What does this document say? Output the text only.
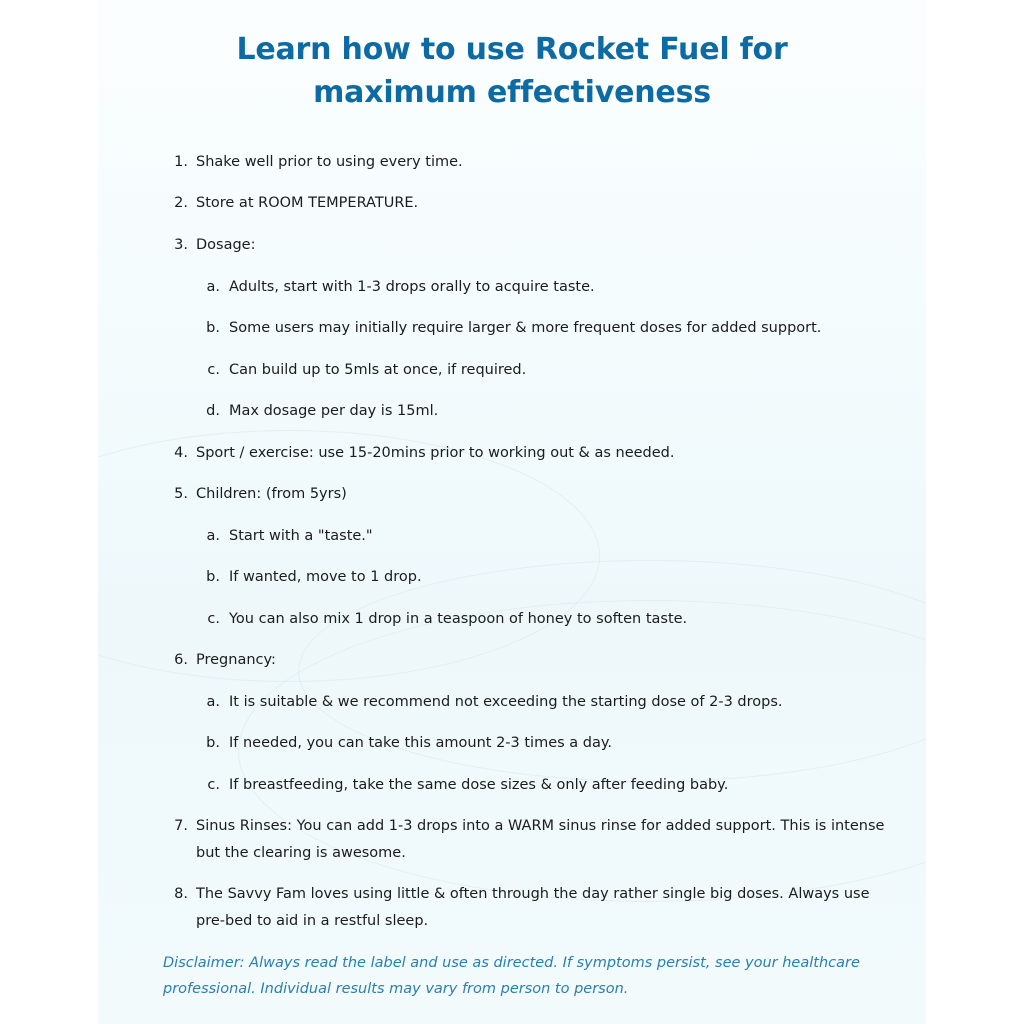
Learn how to use Rocket Fuel for
maximum effectiveness
1. Shake well prior to using every time.
2. Store at ROOM TEMPERATURE.
3. Dosage:
a. Adults, start with 1-3 drops orally to acquire taste.
b. Some users may initially require larger & more frequent doses for added support.
c. Can build up to 5mls at once, if required.
d. Max dosage per day is 15ml.
4. Sport / exercise: use 15-20mins prior to working out & as needed.
5. Children: (from 5yrs)
a. Start with a "taste."
b. If wanted, move to 1 drop.
c. You can also mix 1 drop in a teaspoon of honey to soften taste.
6. Pregnancy:
a. It is suitable & we recommend not exceeding the starting dose of 2-3 drops.
b. If needed, you can take this amount 2-3 times a day.
c. If breastfeeding, take the same dose sizes & only after feeding baby.
7. Sinus Rinses: You can add 1-3 drops into a WARM sinus rinse for added support. This is intense
but the clearing is awesome.
8. The Savvy Fam loves using little & often through the day rather single big doses. Always use
pre-bed to aid in a restful sleep.
Disclaimer: Always read the label and use as directed. If symptoms persist, see your healthcare
professional. Individual results may vary from person to person.
